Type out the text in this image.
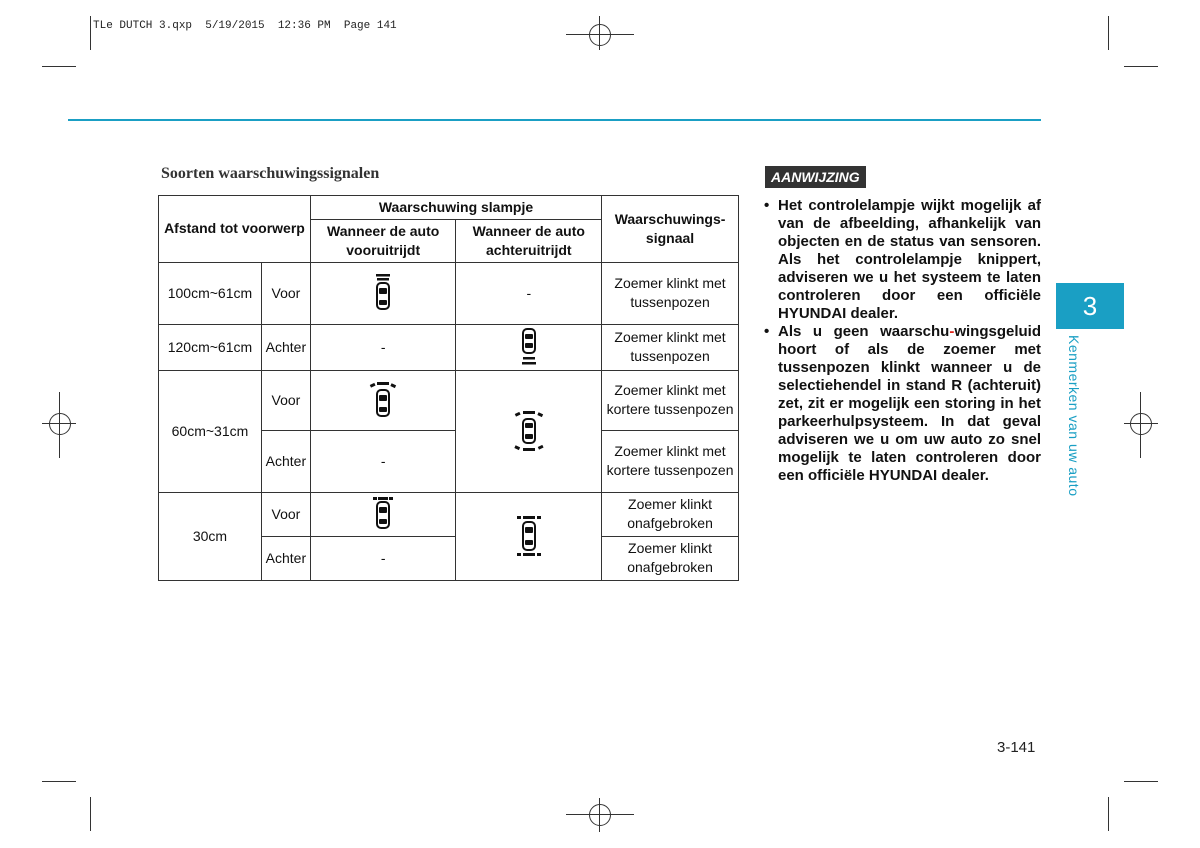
TLe DUTCH 3.qxp  5/19/2015  12:36 PM  Page 141
Soorten waarschuwingssignalen
Afstand tot voorwerp		Waarschuwing slampje		Waarschuwings-signaal
		Wanneer de auto vooruitrijdt	Wanneer de auto achteruitrijdt	
100cm~61cm	Voor		-	Zoemer klinkt met tussenpozen
120cm~61cm	Achter	-		Zoemer klinkt met tussenpozen
60cm~31cm	Voor			Zoemer klinkt met kortere tussenpozen
	Achter	-		Zoemer klinkt met kortere tussenpozen
30cm	Voor			Zoemer klinkt onafgebroken
	Achter	-		Zoemer klinkt onafgebroken
AANWIJZING
• Het controlelampje wijkt mogelijk af van de afbeelding, afhankelijk van objecten en de status van sensoren. Als het controlelampje knippert, adviseren we u het systeem te laten controleren door een officiële HYUNDAI dealer.
• Als u geen waarschu-wingsgeluid hoort of als de zoemer met tussenpozen klinkt wanneer u de selectiehendel in stand R (achteruit) zet, zit er mogelijk een storing in het parkeerhulpsysteem. In dat geval adviseren we u om uw auto zo snel mogelijk te laten controleren door een officiële HYUNDAI dealer.
3
Kenmerken van uw auto
3-141
